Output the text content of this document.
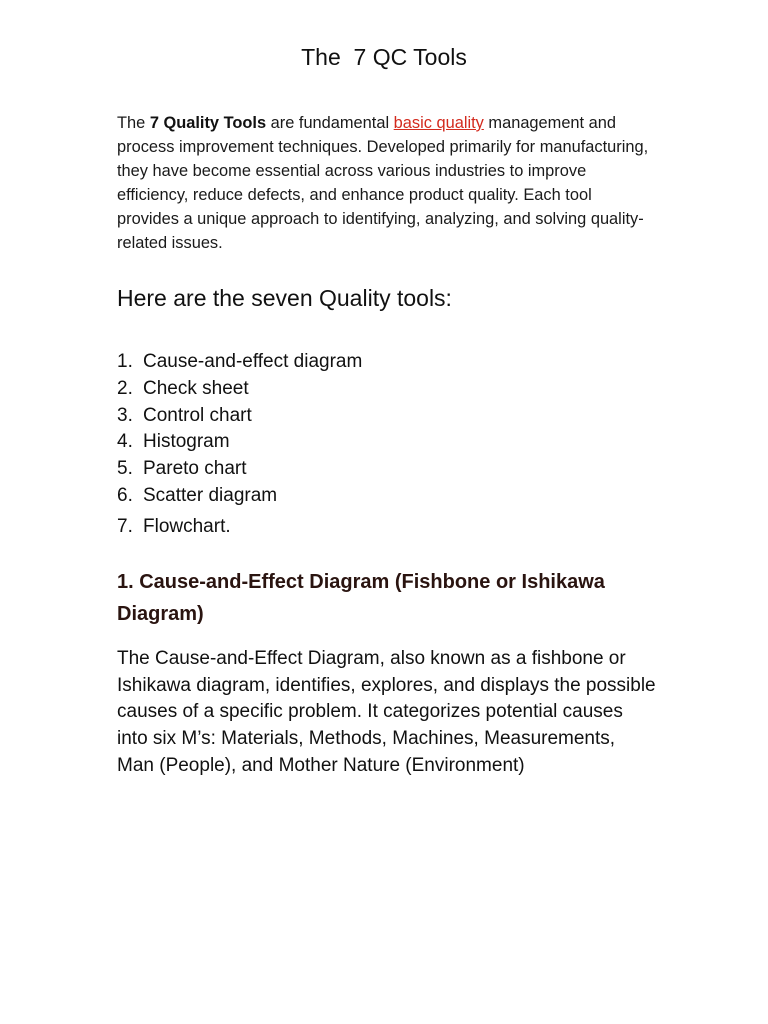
The  7 QC Tools

The 7 Quality Tools are fundamental basic quality management and process improvement techniques. Developed primarily for manufacturing, they have become essential across various industries to improve efficiency, reduce defects, and enhance product quality. Each tool provides a unique approach to identifying, analyzing, and solving quality-related issues.

Here are the seven Quality tools:
1. Cause-and-effect diagram
2. Check sheet
3. Control chart
4. Histogram
5. Pareto chart
6. Scatter diagram
7. Flowchart.
1. Cause-and-Effect Diagram (Fishbone or Ishikawa Diagram)

The Cause-and-Effect Diagram, also known as a fishbone or Ishikawa diagram, identifies, explores, and displays the possible causes of a specific problem. It categorizes potential causes into six M’s: Materials, Methods, Machines, Measurements, Man (People), and Mother Nature (Environment)
